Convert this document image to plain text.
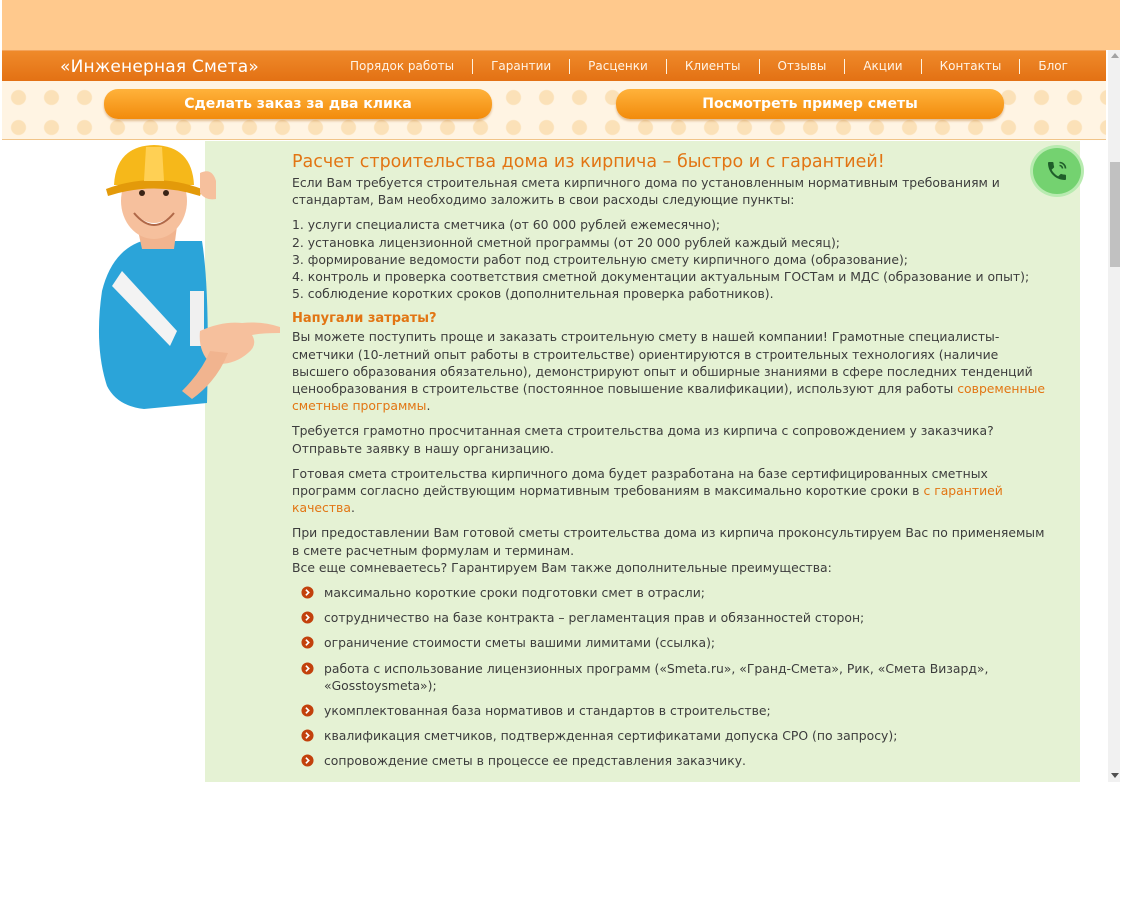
«Инженерная Смета»	Порядок работы	Гарантии	Расценки	Клиенты	Отзывы	Акции	Контакты	Блог
Сделать заказ за два клика	Посмотреть пример сметы
Расчет строительства дома из кирпича – быстро и с гарантией!
Если Вам требуется строительная смета кирпичного дома по установленным нормативным требованиям и стандартам, Вам необходимо заложить в свои расходы следующие пункты:
1. услуги специалиста сметчика (от 60 000 рублей ежемесячно);
2. установка лицензионной сметной программы (от 20 000 рублей каждый месяц);
3. формирование ведомости работ под строительную смету кирпичного дома (образование);
4. контроль и проверка соответствия сметной документации актуальным ГОСТам и МДС (образование и опыт);
5. соблюдение коротких сроков (дополнительная проверка работников).
Напугали затраты?
Вы можете поступить проще и заказать строительную смету в нашей компании! Грамотные специалисты-сметчики (10-летний опыт работы в строительстве) ориентируются в строительных технологиях (наличие высшего образования обязательно), демонстрируют опыт и обширные знаниями в сфере последних тенденций ценообразования в строительстве (постоянное повышение квалификации), используют для работы современные сметные программы.
Требуется грамотно просчитанная смета строительства дома из кирпича с сопровождением у заказчика? Отправьте заявку в нашу организацию.
Готовая смета строительства кирпичного дома будет разработана на базе сертифицированных сметных программ согласно действующим нормативным требованиям в максимально короткие сроки в с гарантией качества.
При предоставлении Вам готовой сметы строительства дома из кирпича проконсультируем Вас по применяемым в смете расчетным формулам и терминам.
Все еще сомневаетесь? Гарантируем Вам также дополнительные преимущества:
максимально короткие сроки подготовки смет в отрасли;
сотрудничество на базе контракта – регламентация прав и обязанностей сторон;
ограничение стоимости сметы вашими лимитами (ссылка);
работа с использование лицензионных программ («Smeta.ru», «Гранд-Смета», Рик, «Смета Визард», «Gosstoysmeta»);
укомплектованная база нормативов и стандартов в строительстве;
квалификация сметчиков, подтвержденная сертификатами допуска СРО (по запросу);
сопровождение сметы в процессе ее представления заказчику.
